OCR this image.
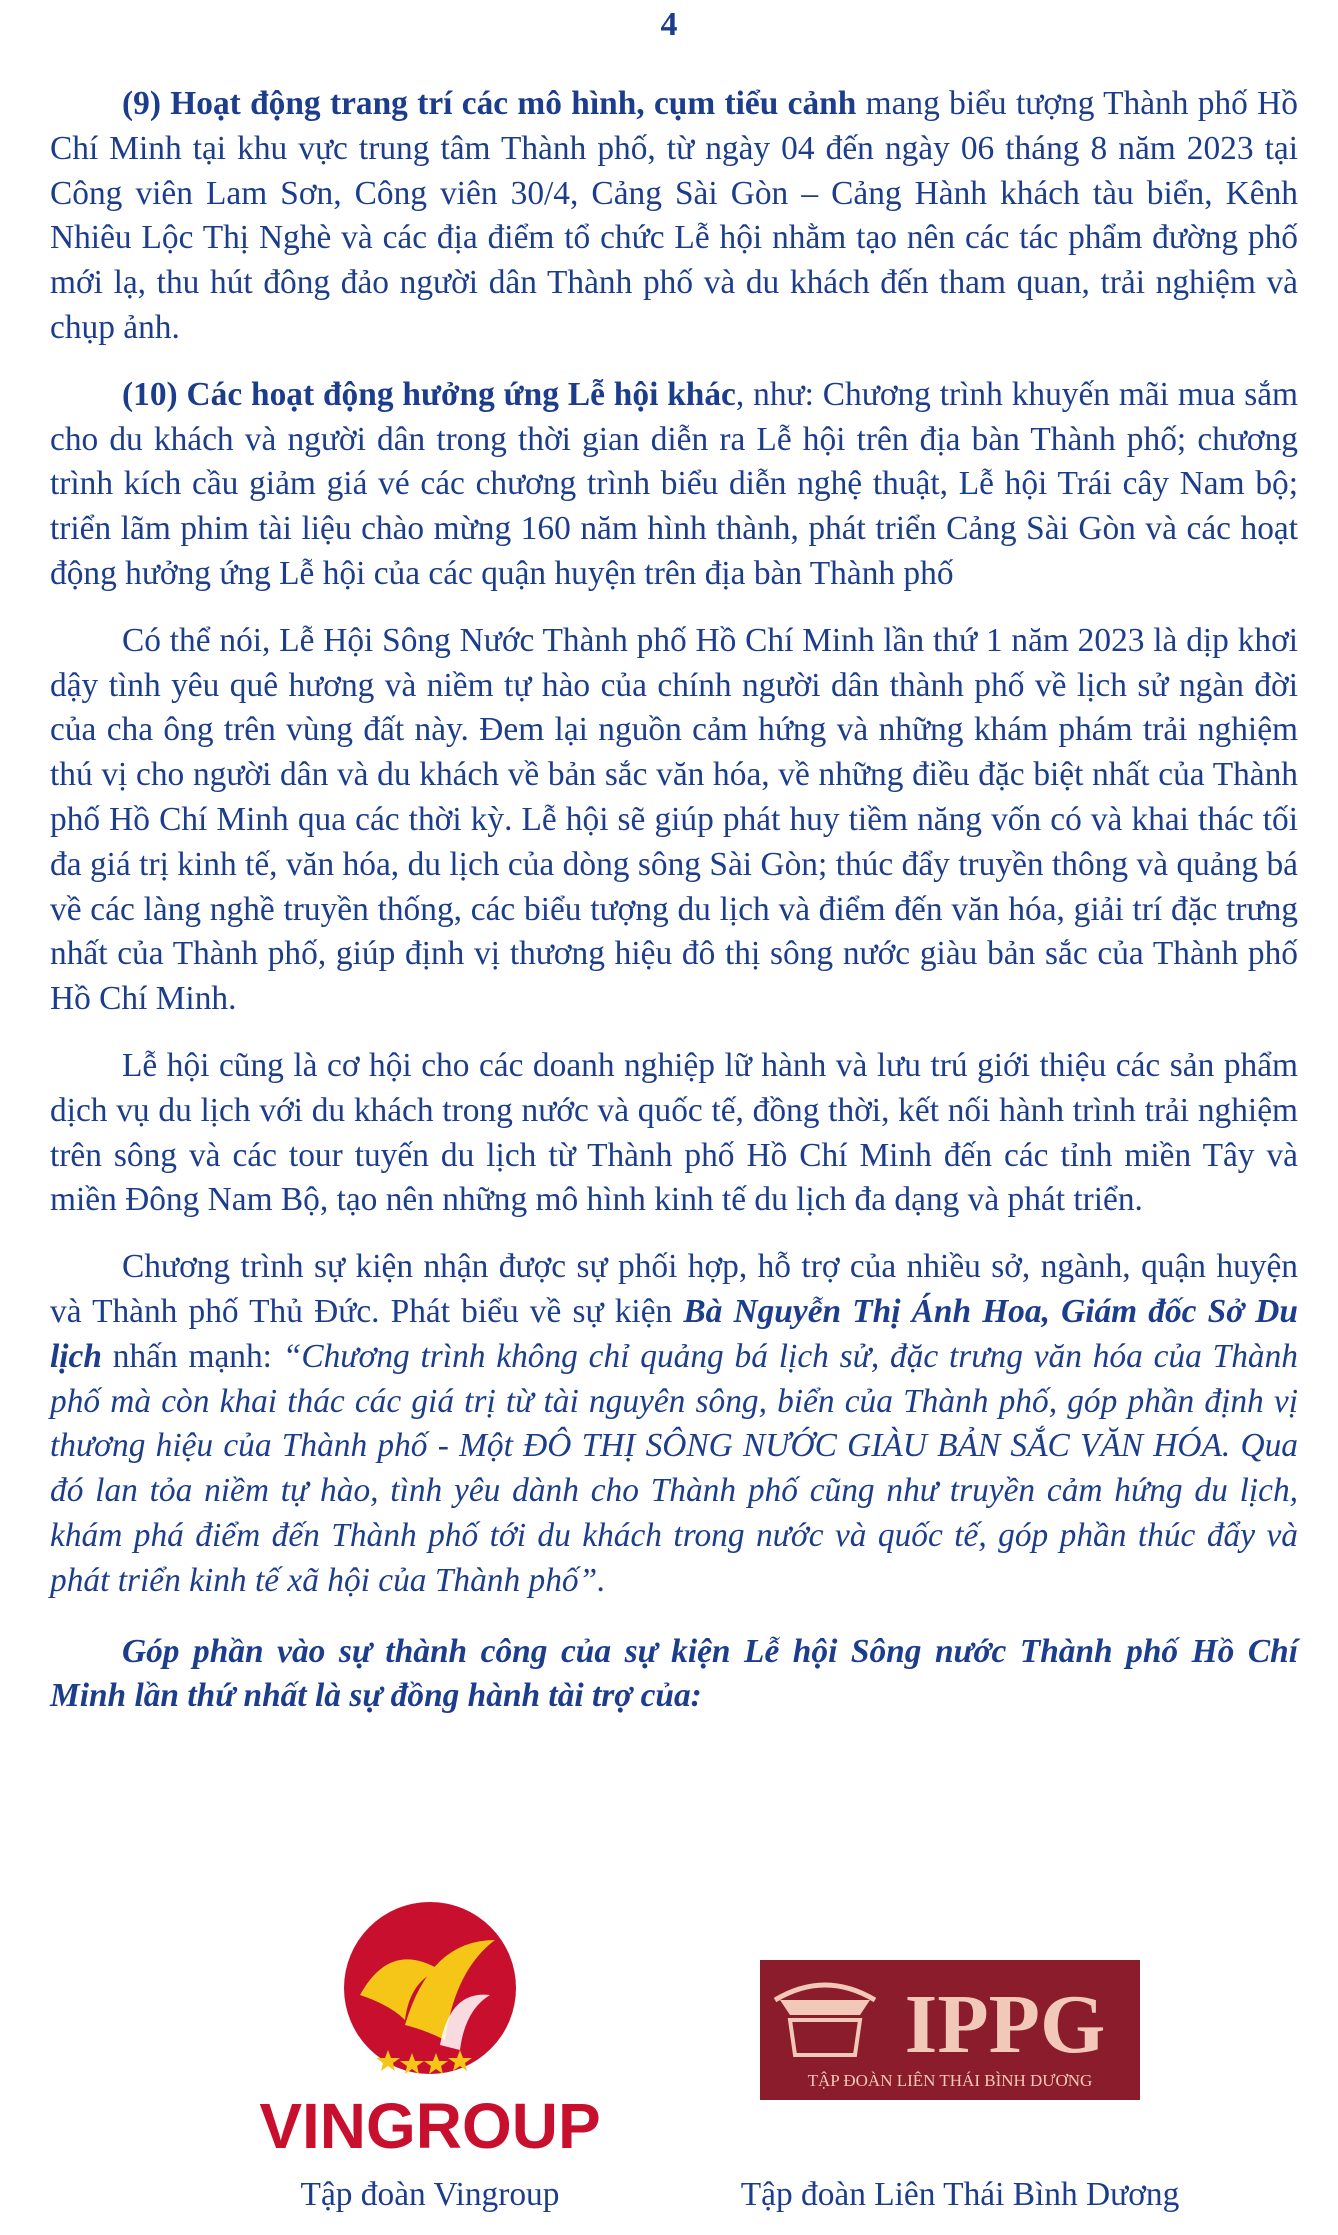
4

(9) Hoạt động trang trí các mô hình, cụm tiểu cảnh mang biểu tượng Thành phố Hồ Chí Minh tại khu vực trung tâm Thành phố, từ ngày 04 đến ngày 06 tháng 8 năm 2023 tại Công viên Lam Sơn, Công viên 30/4, Cảng Sài Gòn – Cảng Hành khách tàu biển, Kênh Nhiêu Lộc Thị Nghè và các địa điểm tổ chức Lễ hội nhằm tạo nên các tác phẩm đường phố mới lạ, thu hút đông đảo người dân Thành phố và du khách đến tham quan, trải nghiệm và chụp ảnh.

(10) Các hoạt động hưởng ứng Lễ hội khác, như: Chương trình khuyến mãi mua sắm cho du khách và người dân trong thời gian diễn ra Lễ hội trên địa bàn Thành phố; chương trình kích cầu giảm giá vé các chương trình biểu diễn nghệ thuật, Lễ hội Trái cây Nam bộ; triển lãm phim tài liệu chào mừng 160 năm hình thành, phát triển Cảng Sài Gòn và các hoạt động hưởng ứng Lễ hội của các quận huyện trên địa bàn Thành phố

Có thể nói, Lễ Hội Sông Nước Thành phố Hồ Chí Minh lần thứ 1 năm 2023 là dịp khơi dậy tình yêu quê hương và niềm tự hào của chính người dân thành phố về lịch sử ngàn đời của cha ông trên vùng đất này. Đem lại nguồn cảm hứng và những khám phám trải nghiệm thú vị cho người dân và du khách về bản sắc văn hóa, về những điều đặc biệt nhất của Thành phố Hồ Chí Minh qua các thời kỳ. Lễ hội sẽ giúp phát huy tiềm năng vốn có và khai thác tối đa giá trị kinh tế, văn hóa, du lịch của dòng sông Sài Gòn; thúc đẩy truyền thông và quảng bá về các làng nghề truyền thống, các biểu tượng du lịch và điểm đến văn hóa, giải trí đặc trưng nhất của Thành phố, giúp định vị thương hiệu đô thị sông nước giàu bản sắc của Thành phố Hồ Chí Minh.

Lễ hội cũng là cơ hội cho các doanh nghiệp lữ hành và lưu trú giới thiệu các sản phẩm dịch vụ du lịch với du khách trong nước và quốc tế, đồng thời, kết nối hành trình trải nghiệm trên sông và các tour tuyến du lịch từ Thành phố Hồ Chí Minh đến các tỉnh miền Tây và miền Đông Nam Bộ, tạo nên những mô hình kinh tế du lịch đa dạng và phát triển.

Chương trình sự kiện nhận được sự phối hợp, hỗ trợ của nhiều sở, ngành, quận huyện và Thành phố Thủ Đức. Phát biểu về sự kiện Bà Nguyễn Thị Ánh Hoa, Giám đốc Sở Du lịch nhấn mạnh: “Chương trình không chỉ quảng bá lịch sử, đặc trưng văn hóa của Thành phố mà còn khai thác các giá trị từ tài nguyên sông, biển của Thành phố, góp phần định vị thương hiệu của Thành phố - Một ĐÔ THỊ SÔNG NƯỚC GIÀU BẢN SẮC VĂN HÓA. Qua đó lan tỏa niềm tự hào, tình yêu dành cho Thành phố cũng như truyền cảm hứng du lịch, khám phá điểm đến Thành phố tới du khách trong nước và quốc tế, góp phần thúc đẩy và phát triển kinh tế xã hội của Thành phố”.

Góp phần vào sự thành công của sự kiện Lễ hội Sông nước Thành phố Hồ Chí Minh lần thứ nhất là sự đồng hành tài trợ của:

VINGROUP
IPPG
TẬP ĐOÀN LIÊN THÁI BÌNH DƯƠNG
Tập đoàn Vingroup	Tập đoàn Liên Thái Bình Dương
